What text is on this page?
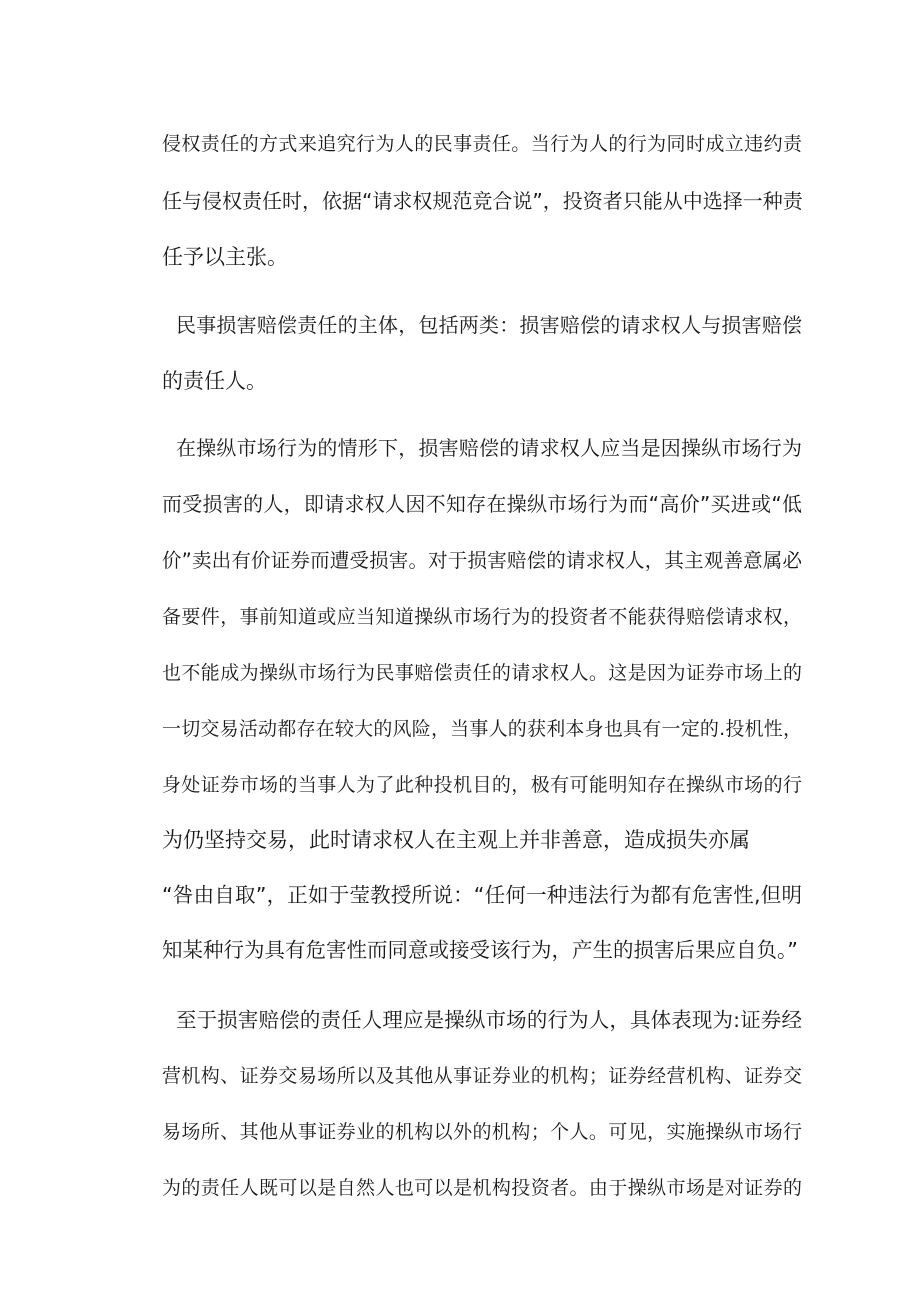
侵权责任的方式来追究行为人的民事责任。当行为人的行为同时成立违约责
任与侵权责任时，依据“请求权规范竞合说”，投资者只能从中选择一种责
任予以主张。
民事损害赔偿责任的主体，包括两类：损害赔偿的请求权人与损害赔偿
的责任人。
在操纵市场行为的情形下，损害赔偿的请求权人应当是因操纵市场行为
而受损害的人，即请求权人因不知存在操纵市场行为而“高价”买进或“低
价”卖出有价证券而遭受损害。对于损害赔偿的请求权人，其主观善意属必
备要件，事前知道或应当知道操纵市场行为的投资者不能获得赔偿请求权，
也不能成为操纵市场行为民事赔偿责任的请求权人。这是因为证券市场上的
一切交易活动都存在较大的风险，当事人的获利本身也具有一定的.投机性，
身处证券市场的当事人为了此种投机目的，极有可能明知存在操纵市场的行
为仍坚持交易，此时请求权人在主观上并非善意，造成损失亦属
“咎由自取”，正如于莹教授所说：“任何一种违法行为都有危害性,但明
知某种行为具有危害性而同意或接受该行为，产生的损害后果应自负。”
至于损害赔偿的责任人理应是操纵市场的行为人，具体表现为:证券经
营机构、证券交易场所以及其他从事证券业的机构；证券经营机构、证券交
易场所、其他从事证券业的机构以外的机构；个人。可见，实施操纵市场行
为的责任人既可以是自然人也可以是机构投资者。由于操纵市场是对证券的
